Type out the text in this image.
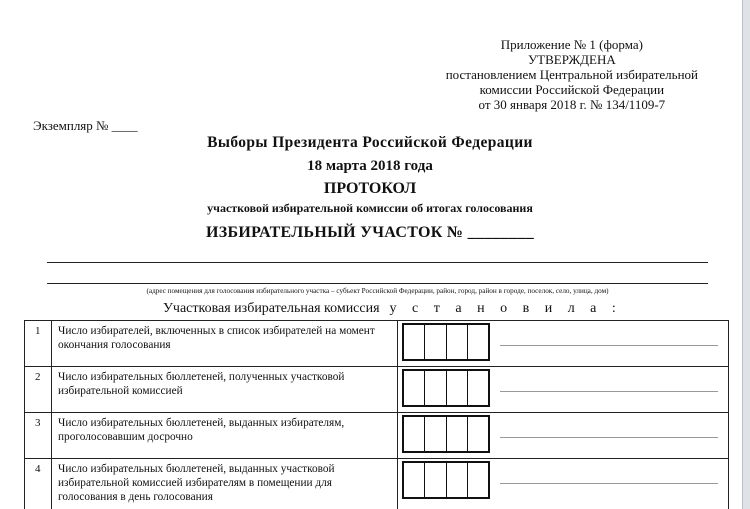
Приложение № 1 (форма)
УТВЕРЖДЕНА
постановлением Центральной избирательной
комиссии Российской Федерации
от 30 января 2018 г. № 134/1109-7
Экземпляр № ____
Выборы Президента Российской Федерации
18 марта 2018 года
ПРОТОКОЛ
участковой избирательной комиссии об итогах голосования
ИЗБИРАТЕЛЬНЫЙ УЧАСТОК № ________
(адрес помещения для голосования избирательного участка – субъект Российской Федерации, район, город, район в городе, поселок, село, улица, дом)
Участковая избирательная комиссия у с т а н о в и л а :
1 Число избирателей, включенных в список избирателей на момент окончания голосования
2 Число избирательных бюллетеней, полученных участковой избирательной комиссией
3 Число избирательных бюллетеней, выданных избирателям, проголосовавшим досрочно
4 Число избирательных бюллетеней, выданных участковой избирательной комиссией избирателям в помещении для голосования в день голосования
